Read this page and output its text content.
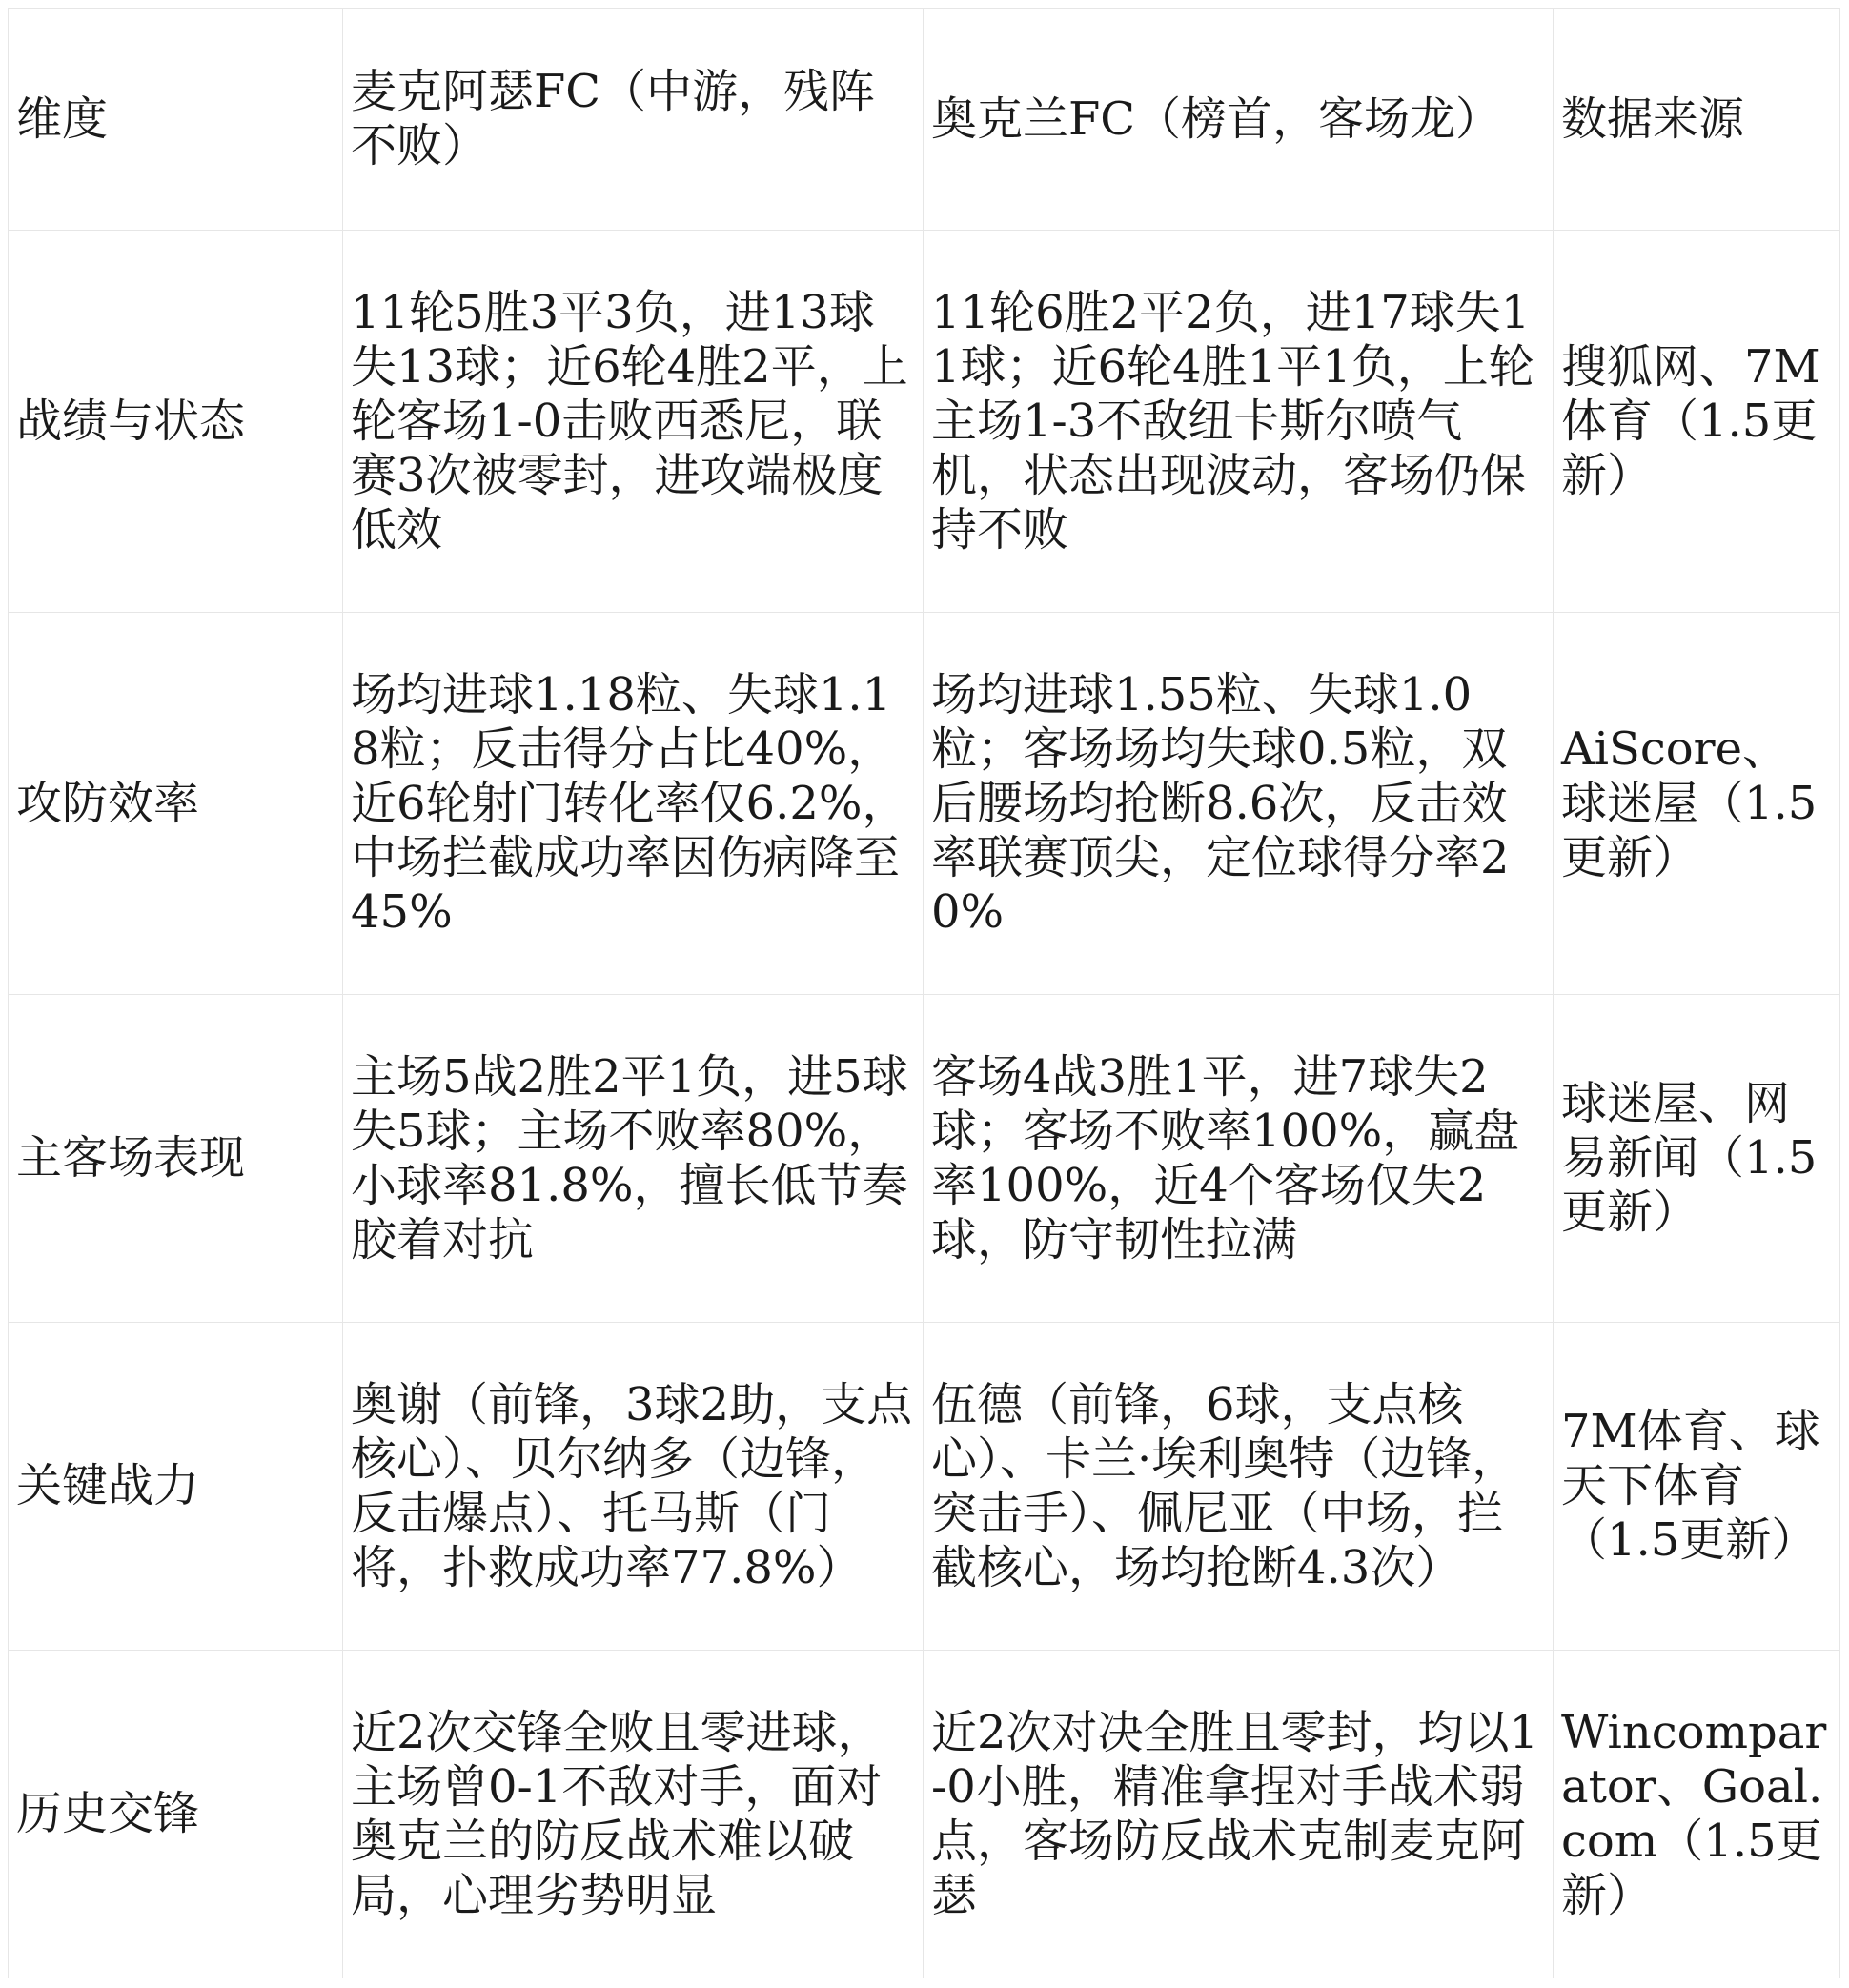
维度	麦克阿瑟FC（中游，残阵不败）	奥克兰FC（榜首，客场龙）	数据来源

战绩与状态	11轮5胜3平3负，进13球失13球；近6轮4胜2平，上轮客场1-0击败西悉尼，联赛3次被零封，进攻端极度低效	11轮6胜2平2负，进17球失11球；近6轮4胜1平1负，上轮主场1-3不敌纽卡斯尔喷气机，状态出现波动，客场仍保持不败	搜狐网、7M体育（1.5更新）

攻防效率	场均进球1.18粒、失球1.18粒；反击得分占比40%，近6轮射门转化率仅6.2%，中场拦截成功率因伤病降至45%	场均进球1.55粒、失球1.0粒；客场场均失球0.5粒，双后腰场均抢断8.6次，反击效率联赛顶尖，定位球得分率20%	AiScore、球迷屋（1.5更新）

主客场表现	主场5战2胜2平1负，进5球失5球；主场不败率80%，小球率81.8%，擅长低节奏胶着对抗	客场4战3胜1平，进7球失2球；客场不败率100%，赢盘率100%，近4个客场仅失2球，防守韧性拉满	球迷屋、网易新闻（1.5更新）

关键战力	奥谢（前锋，3球2助，支点核心）、贝尔纳多（边锋，反击爆点）、托马斯（门将，扑救成功率77.8%）	伍德（前锋，6球，支点核心）、卡兰·埃利奥特（边锋，突击手）、佩尼亚（中场，拦截核心，场均抢断4.3次）	7M体育、球天下体育（1.5更新）

历史交锋	近2次交锋全败且零进球，主场曾0-1不敌对手，面对奥克兰的防反战术难以破局，心理劣势明显	近2次对决全胜且零封，均以1-0小胜，精准拿捏对手战术弱点，客场防反战术克制麦克阿瑟	Wincomparator、Goal.com（1.5更新）
